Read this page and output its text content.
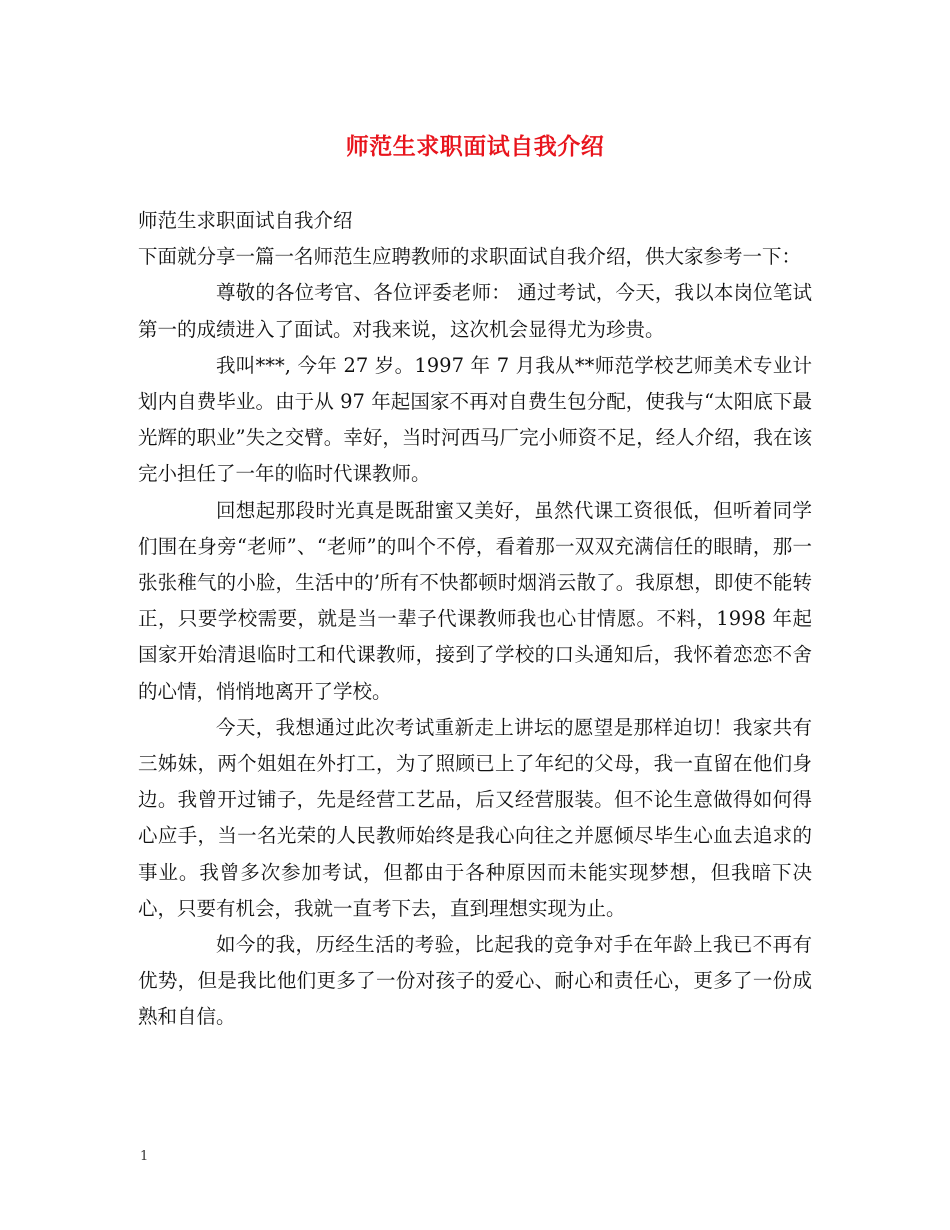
师范生求职面试自我介绍

师范生求职面试自我介绍

下面就分享一篇一名师范生应聘教师的求职面试自我介绍，供大家参考一下：

尊敬的各位考官、各位评委老师： 通过考试，今天，我以本岗位笔试第一的成绩进入了面试。对我来说，这次机会显得尤为珍贵。

我叫***, 今年 27 岁。1997 年 7 月我从**师范学校艺师美术专业计划内自费毕业。由于从 97 年起国家不再对自费生包分配，使我与“太阳底下最光辉的职业”失之交臂。幸好，当时河西马厂完小师资不足，经人介绍，我在该完小担任了一年的临时代课教师。

回想起那段时光真是既甜蜜又美好，虽然代课工资很低，但听着同学们围在身旁“老师”、“老师”的叫个不停，看着那一双双充满信任的眼睛，那一张张稚气的小脸，生活中的’所有不快都顿时烟消云散了。我原想，即使不能转正，只要学校需要，就是当一辈子代课教师我也心甘情愿。不料，1998 年起国家开始清退临时工和代课教师，接到了学校的口头通知后，我怀着恋恋不舍的心情，悄悄地离开了学校。

今天，我想通过此次考试重新走上讲坛的愿望是那样迫切！我家共有三姊妹，两个姐姐在外打工，为了照顾已上了年纪的父母，我一直留在他们身边。我曾开过铺子，先是经营工艺品，后又经营服装。但不论生意做得如何得心应手，当一名光荣的人民教师始终是我心向往之并愿倾尽毕生心血去追求的事业。我曾多次参加考试，但都由于各种原因而未能实现梦想，但我暗下决心，只要有机会，我就一直考下去，直到理想实现为止。

如今的我，历经生活的考验，比起我的竞争对手在年龄上我已不再有优势，但是我比他们更多了一份对孩子的爱心、耐心和责任心，更多了一份成熟和自信。

1
